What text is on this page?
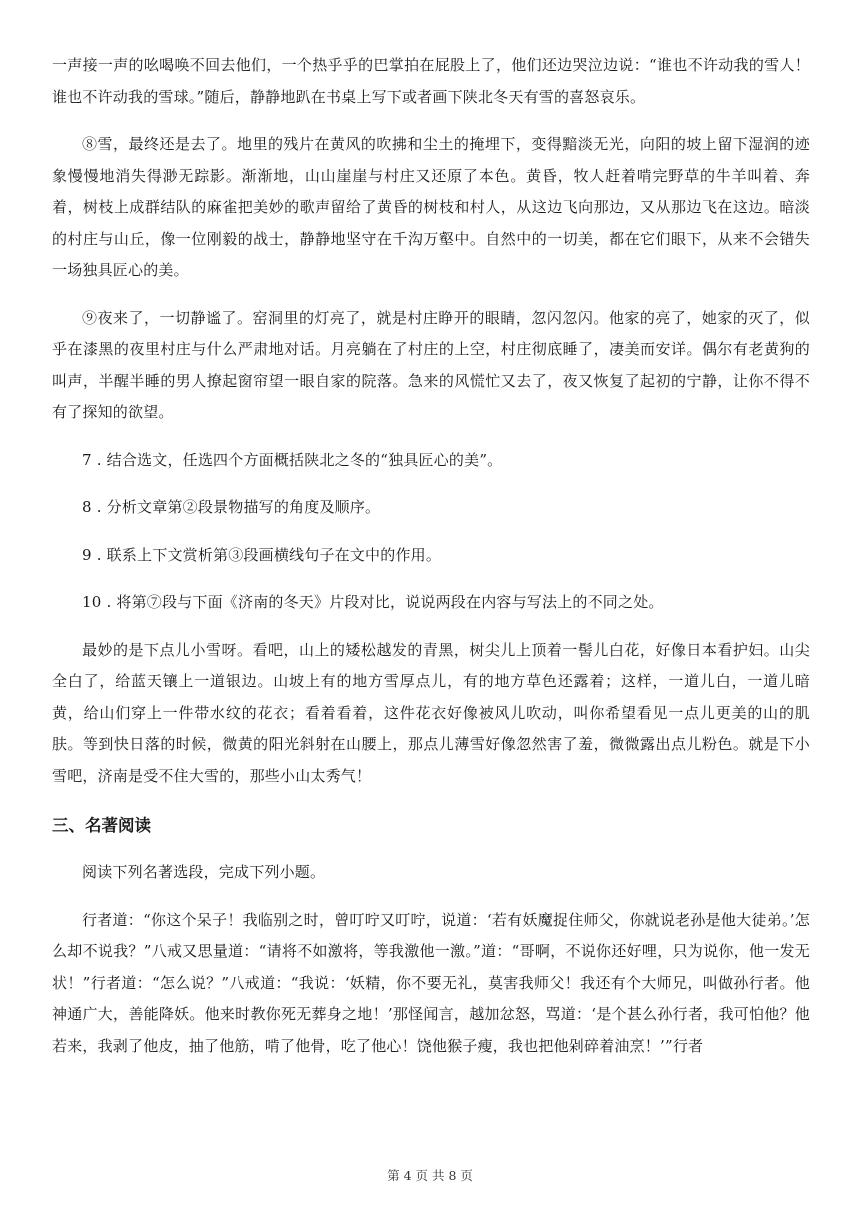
一声接一声的吆喝唤不回去他们，一个热乎乎的巴掌拍在屁股上了，他们还边哭泣边说：“谁也不许动我的雪人！谁也不许动我的雪球。”随后，静静地趴在书桌上写下或者画下陕北冬天有雪的喜怒哀乐。

⑧雪，最终还是去了。地里的残片在黄风的吹拂和尘土的掩埋下，变得黯淡无光，向阳的坡上留下湿润的迹象慢慢地消失得渺无踪影。渐渐地，山山崖崖与村庄又还原了本色。黄昏，牧人赶着啃完野草的牛羊叫着、奔着，树枝上成群结队的麻雀把美妙的歌声留给了黄昏的树枝和村人，从这边飞向那边，又从那边飞在这边。暗淡的村庄与山丘，像一位刚毅的战士，静静地坚守在千沟万壑中。自然中的一切美，都在它们眼下，从来不会错失一场独具匠心的美。

⑨夜来了，一切静谧了。窑洞里的灯亮了，就是村庄睁开的眼睛，忽闪忽闪。他家的亮了，她家的灭了，似乎在漆黑的夜里村庄与什么严肃地对话。月亮躺在了村庄的上空，村庄彻底睡了，凄美而安详。偶尔有老黄狗的叫声，半醒半睡的男人撩起窗帘望一眼自家的院落。急来的风慌忙又去了，夜又恢复了起初的宁静，让你不得不有了探知的欲望。

7 . 结合选文，任选四个方面概括陕北之冬的“独具匠心的美”。

8 . 分析文章第②段景物描写的角度及顺序。

9 . 联系上下文赏析第③段画横线句子在文中的作用。

10 . 将第⑦段与下面《济南的冬天》片段对比，说说两段在内容与写法上的不同之处。

最妙的是下点儿小雪呀。看吧，山上的矮松越发的青黑，树尖儿上顶着一髻儿白花，好像日本看护妇。山尖全白了，给蓝天镶上一道银边。山坡上有的地方雪厚点儿，有的地方草色还露着；这样，一道儿白，一道儿暗黄，给山们穿上一件带水纹的花衣；看着看着，这件花衣好像被风儿吹动，叫你希望看见一点儿更美的山的肌肤。等到快日落的时候，微黄的阳光斜射在山腰上，那点儿薄雪好像忽然害了羞，微微露出点儿粉色。就是下小雪吧，济南是受不住大雪的，那些小山太秀气！

三、名著阅读

阅读下列名著选段，完成下列小题。

行者道：“你这个呆子！我临别之时，曾叮咛又叮咛，说道：‘若有妖魔捉住师父，你就说老孙是他大徒弟。’怎么却不说我？”八戒又思量道：“请将不如激将，等我激他一激。”道：“哥啊，不说你还好哩，只为说你，他一发无状！”行者道：“怎么说？”八戒道：“我说：‘妖精，你不要无礼，莫害我师父！我还有个大师兄，叫做孙行者。他神通广大，善能降妖。他来时教你死无葬身之地！’那怪闻言，越加忿怒，骂道：‘是个甚么孙行者，我可怕他？他若来，我剥了他皮，抽了他筋，啃了他骨，吃了他心！饶他猴子瘦，我也把他剁碎着油烹！’”行者

第 4 页 共 8 页
